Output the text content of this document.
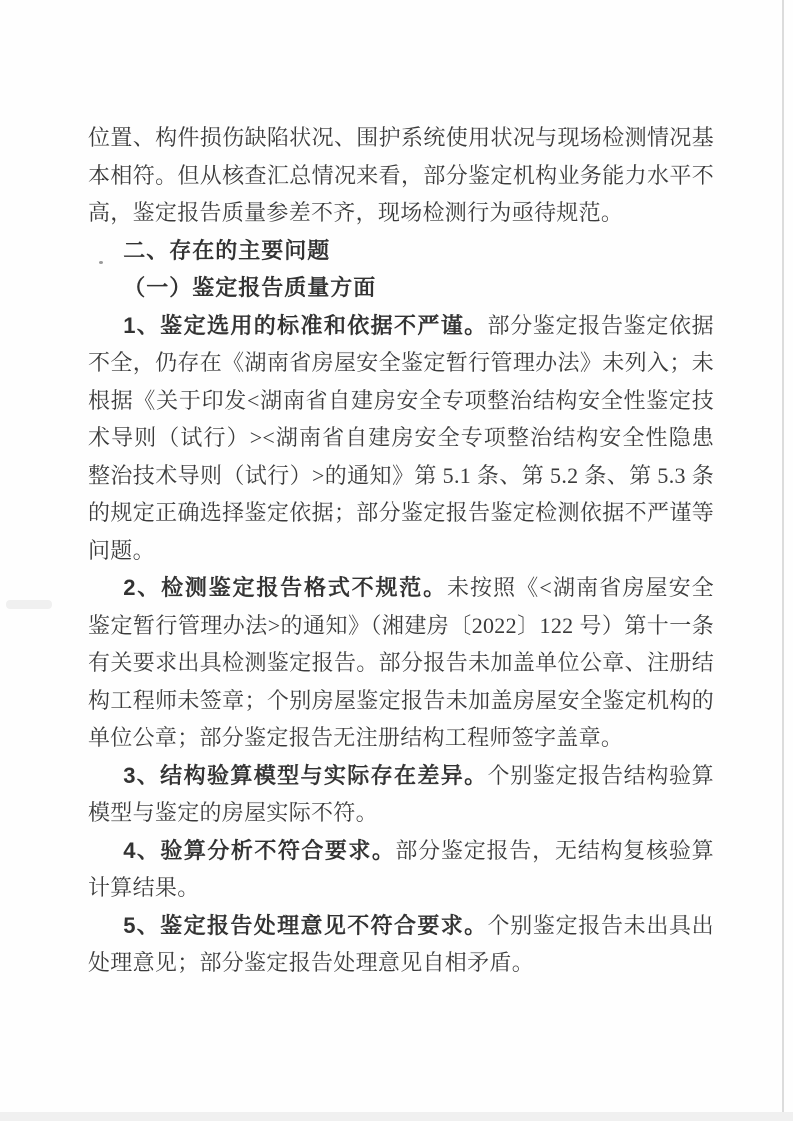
位置、构件损伤缺陷状况、围护系统使用状况与现场检测情况基本相符。但从核查汇总情况来看，部分鉴定机构业务能力水平不高，鉴定报告质量参差不齐，现场检测行为亟待规范。

二、存在的主要问题

（一）鉴定报告质量方面

1、鉴定选用的标准和依据不严谨。部分鉴定报告鉴定依据不全，仍存在《湖南省房屋安全鉴定暂行管理办法》未列入；未根据《关于印发<湖南省自建房安全专项整治结构安全性鉴定技术导则（试行）><湖南省自建房安全专项整治结构安全性隐患整治技术导则（试行）>的通知》第 5.1 条、第 5.2 条、第 5.3 条的规定正确选择鉴定依据；部分鉴定报告鉴定检测依据不严谨等问题。

2、检测鉴定报告格式不规范。未按照《<湖南省房屋安全鉴定暂行管理办法>的通知》（湘建房〔2022〕122 号）第十一条有关要求出具检测鉴定报告。部分报告未加盖单位公章、注册结构工程师未签章；个别房屋鉴定报告未加盖房屋安全鉴定机构的单位公章；部分鉴定报告无注册结构工程师签字盖章。

3、结构验算模型与实际存在差异。个别鉴定报告结构验算模型与鉴定的房屋实际不符。

4、验算分析不符合要求。部分鉴定报告，无结构复核验算计算结果。

5、鉴定报告处理意见不符合要求。个别鉴定报告未出具出处理意见；部分鉴定报告处理意见自相矛盾。
